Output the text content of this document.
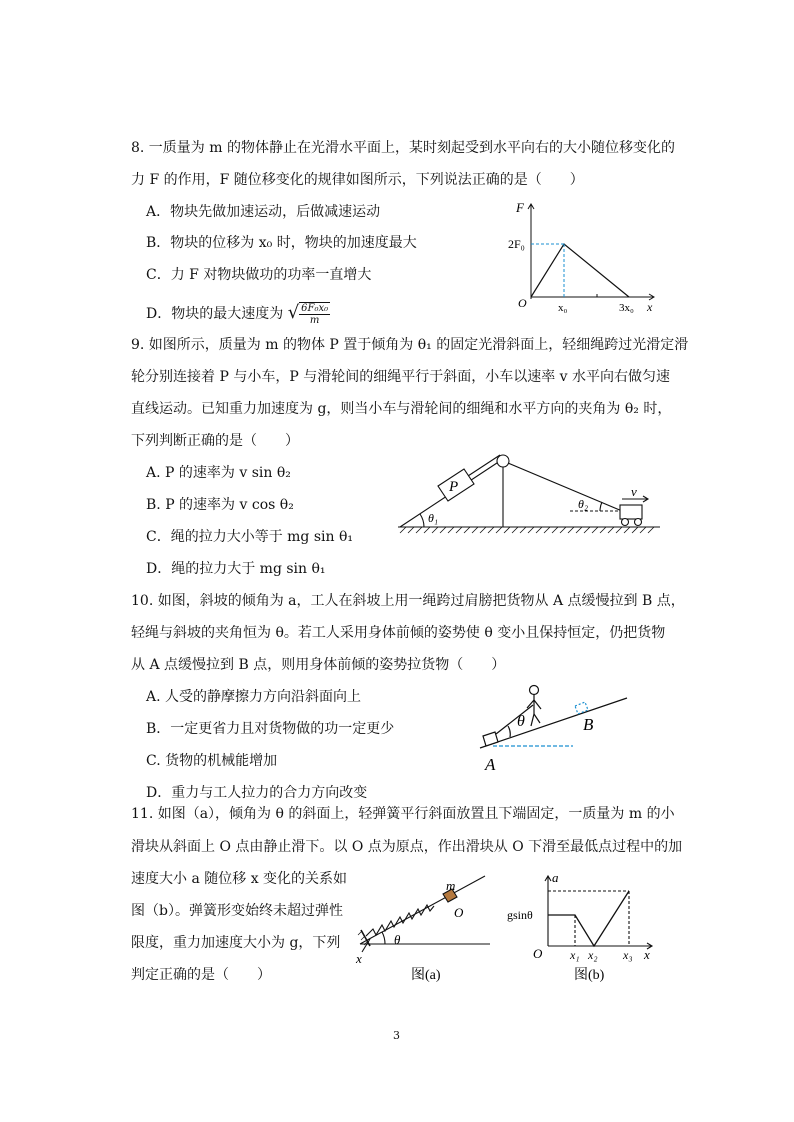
8. 一质量为 m 的物体静止在光滑水平面上，某时刻起受到水平向右的大小随位移变化的
力 F 的作用，F 随位移变化的规律如图所示，下列说法正确的是（　　）
A．物块先做加速运动，后做减速运动
B．物块的位移为 x₀ 时，物块的加速度最大
C．力 F 对物块做功的功率一直增大
D．物块的最大速度为 √ $\frac{\text{6F₀x₀}}{m}$
F
2F₀
O	x₀	3x₀ x
9. 如图所示，质量为 m 的物体 P 置于倾角为 θ₁ 的固定光滑斜面上，轻细绳跨过光滑定滑
轮分别连接着 P 与小车，P 与滑轮间的细绳平行于斜面，小车以速率 v 水平向右做匀速
直线运动。已知重力加速度为 g，则当小车与滑轮间的细绳和水平方向的夹角为 θ₂ 时，
下列判断正确的是（　　）
A. P 的速率为 v sin θ₂
B. P 的速率为 v cos θ₂
C．绳的拉力大小等于 mg sin θ₁
D．绳的拉力大于 mg sin θ₁
P
θ₁
θ₂
v
10. 如图，斜坡的倾角为 a，工人在斜坡上用一绳跨过肩膀把货物从 A 点缓慢拉到 B 点，
轻绳与斜坡的夹角恒为 θ。若工人采用身体前倾的姿势使 θ 变小且保持恒定，仍把货物
从 A 点缓慢拉到 B 点，则用身体前倾的姿势拉货物（　　）
A. 人受的静摩擦力方向沿斜面向上
B．一定更省力且对货物做的功一定更少
C. 货物的机械能增加
D．重力与工人拉力的合力方向改变
θ	B
A
11. 如图（a），倾角为 θ 的斜面上，轻弹簧平行斜面放置且下端固定，一质量为 m 的小
滑块从斜面上 O 点由静止滑下。以 O 点为原点，作出滑块从 O 下滑至最低点过程中的加
速度大小 a 随位移 x 变化的关系如
图（b）。弹簧形变始终未超过弹性
限度，重力加速度大小为 g，下列
判定正确的是（　　）
m
O
θ
x
图(a)
a
gsinθ
O x₁ x₂ x₃ x
图(b)
3
